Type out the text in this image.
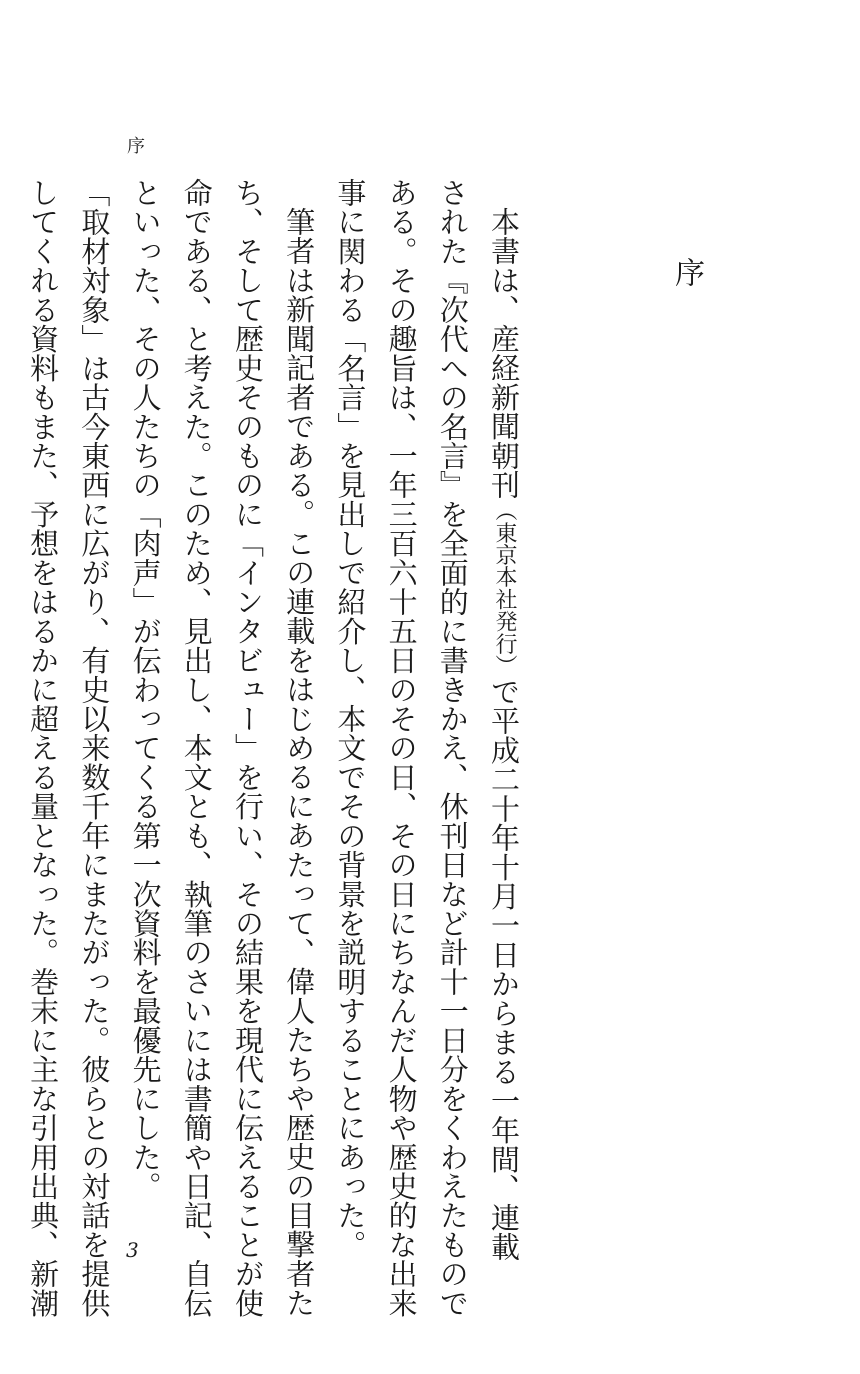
序
序

本書は、産経新聞朝刊（東京本社発行）で平成二十年十月一日からまる一年間、連載

された『次代への名言』を全面的に書きかえ、休刊日など計十一日分をくわえたもので

ある。その趣旨は、一年三百六十五日のその日、その日にちなんだ人物や歴史的な出来

事に関わる「名言」を見出しで紹介し、本文でその背景を説明することにあった。

筆者は新聞記者である。この連載をはじめるにあたって、偉人たちや歴史の目撃者た

ち、そして歴史そのものに「インタビュー」を行い、その結果を現代に伝えることが使

命である、と考えた。このため、見出し、本文とも、執筆のさいには書簡や日記、自伝

といった、その人たちの「肉声」が伝わってくる第一次資料を最優先にした。

「取材対象」は古今東西に広がり、有史以来数千年にまたがった。彼らとの対話を提供

してくれる資料もまた、予想をはるかに超える量となった。巻末に主な引用出典、新潮	3
